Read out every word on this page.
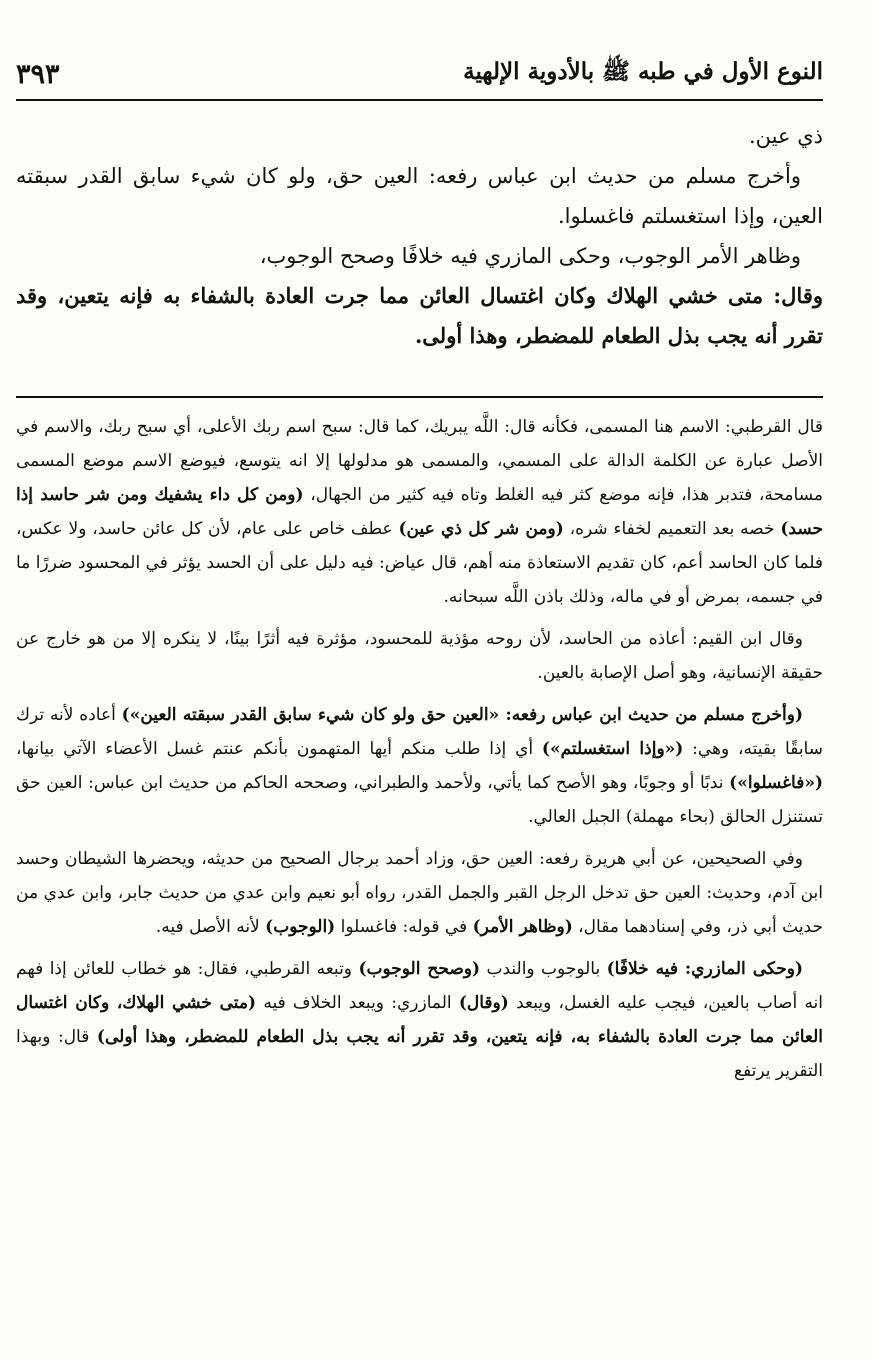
النوع الأول في طبه ﷺ بالأدوية الإلهية
٣٩٣

ذي عين.

وأخرج مسلم من حديث ابن عباس رفعه: العين حق، ولو كان شيء سابق القدر سبقته العين، وإذا استغسلتم فاغسلوا.

وظاهر الأمر الوجوب، وحكى المازري فيه خلافًا وصحح الوجوب،

وقال: متى خشي الهلاك وكان اغتسال العائن مما جرت العادة بالشفاء به فإنه يتعين، وقد تقرر أنه يجب بذل الطعام للمضطر، وهذا أولى.

قال القرطبي: الاسم هنا المسمى، فكأنه قال: اللَّه يبريك، كما قال: سبح اسم ربك الأعلى، أي سبح ربك، والاسم في الأصل عبارة عن الكلمة الدالة على المسمي، والمسمى هو مدلولها إلا انه يتوسع، فيوضع الاسم موضع المسمى مسامحة، فتدبر هذا، فإنه موضع كثر فيه الغلط وتاه فيه كثير من الجهال، (ومن كل داء يشفيك ومن شر حاسد إذا حسد) خصه بعد التعميم لخفاء شره، (ومن شر كل ذي عين) عطف خاص على عام، لأن كل عائن حاسد، ولا عكس، فلما كان الحاسد أعم، كان تقديم الاستعاذة منه أهم، قال عياض: فيه دليل على أن الحسد يؤثر في المحسود ضررًا ما في جسمه، بمرض أو في ماله، وذلك باذن اللَّه سبحانه.

وقال ابن القيم: أعاذه من الحاسد، لأن روحه مؤذية للمحسود، مؤثرة فيه أثرًا بينًا، لا ينكره إلا من هو خارج عن حقيقة الإنسانية، وهو أصل الإصابة بالعين.

(وأخرج مسلم من حديث ابن عباس رفعه: «العين حق ولو كان شيء سابق القدر سبقته العين») أعاده لأنه ترك سابقًا بقيته، وهي: («وإذا استغسلتم») أي إذا طلب منكم أيها المتهمون بأنكم عنتم غسل الأعضاء الآتي بيانها، («فاغسلوا») ندبًا أو وجوبًا، وهو الأصح كما يأتي، ولأحمد والطبراني، وصححه الحاكم من حديث ابن عباس: العين حق تستنزل الحالق (بحاء مهملة) الجبل العالي.

وفي الصحيحين، عن أبي هريرة رفعه: العين حق، وزاد أحمد برجال الصحيح من حديثه، ويحضرها الشيطان وحسد ابن آدم، وحديث: العين حق تدخل الرجل القبر والجمل القدر، رواه أبو نعيم وابن عدي من حديث جابر، وابن عدي من حديث أبي ذر، وفي إسنادهما مقال، (وظاهر الأمر) في قوله: فاغسلوا (الوجوب) لأنه الأصل فيه.

(وحكى المازري: فيه خلافًا) بالوجوب والندب (وصحح الوجوب) وتبعه القرطبي، فقال: هو خطاب للعائن إذا فهم انه أصاب بالعين، فيجب عليه الغسل، ويبعد (وقال) المازري: ويبعد الخلاف فيه (متى خشي الهلاك، وكان اغتسال العائن مما جرت العادة بالشفاء به، فإنه يتعين، وقد تقرر أنه يجب بذل الطعام للمضطر، وهذا أولى) قال: وبهذا التقرير يرتفع
